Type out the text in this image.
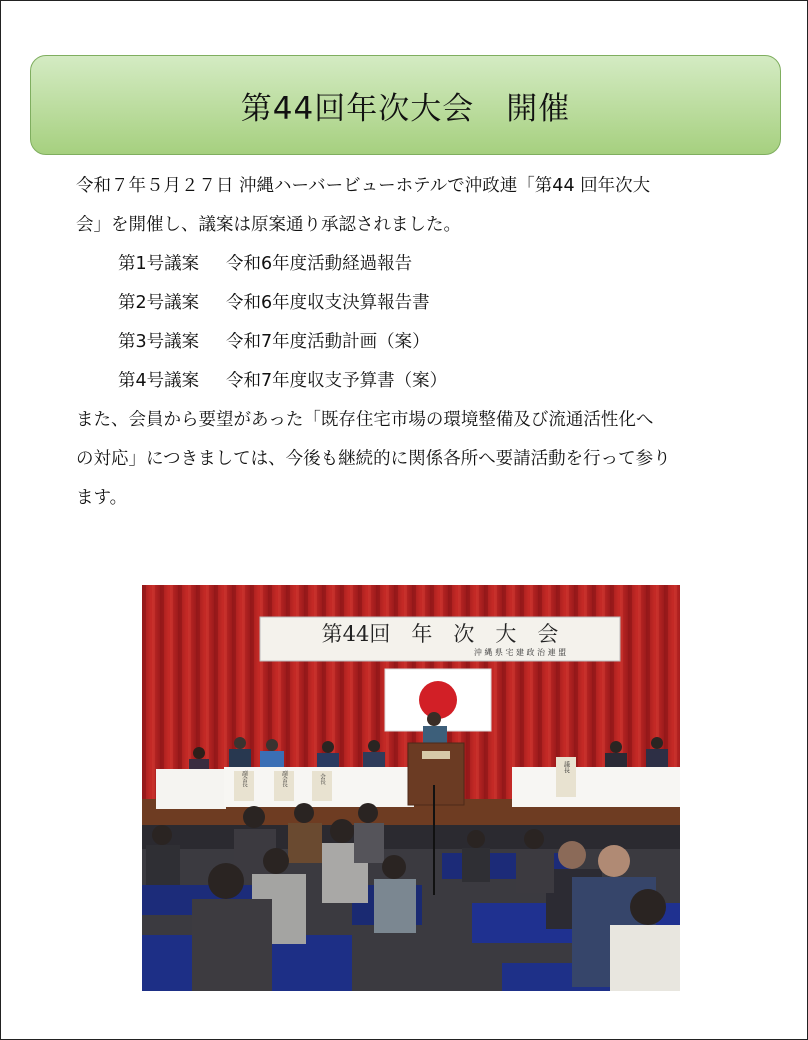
第44回年次大会　開催
令和７年５月２７日 沖縄ハーバービューホテルで沖政連「第44 回年次大
会」を開催し、議案は原案通り承認されました。
第1号議案 令和6年度活動経過報告
第2号議案 令和6年度収支決算報告書
第3号議案 令和7年度活動計画（案）
第4号議案 令和7年度収支予算書（案）
また、会員から要望があった「既存住宅市場の環境整備及び流通活性化へ
の対応」につきましては、今後も継続的に関係各所へ要請活動を行って参り
ます。
第44回　年　次　大　会
沖 縄 県 宅 建 政 治 連 盟
副会長	副会長	会長
議長
